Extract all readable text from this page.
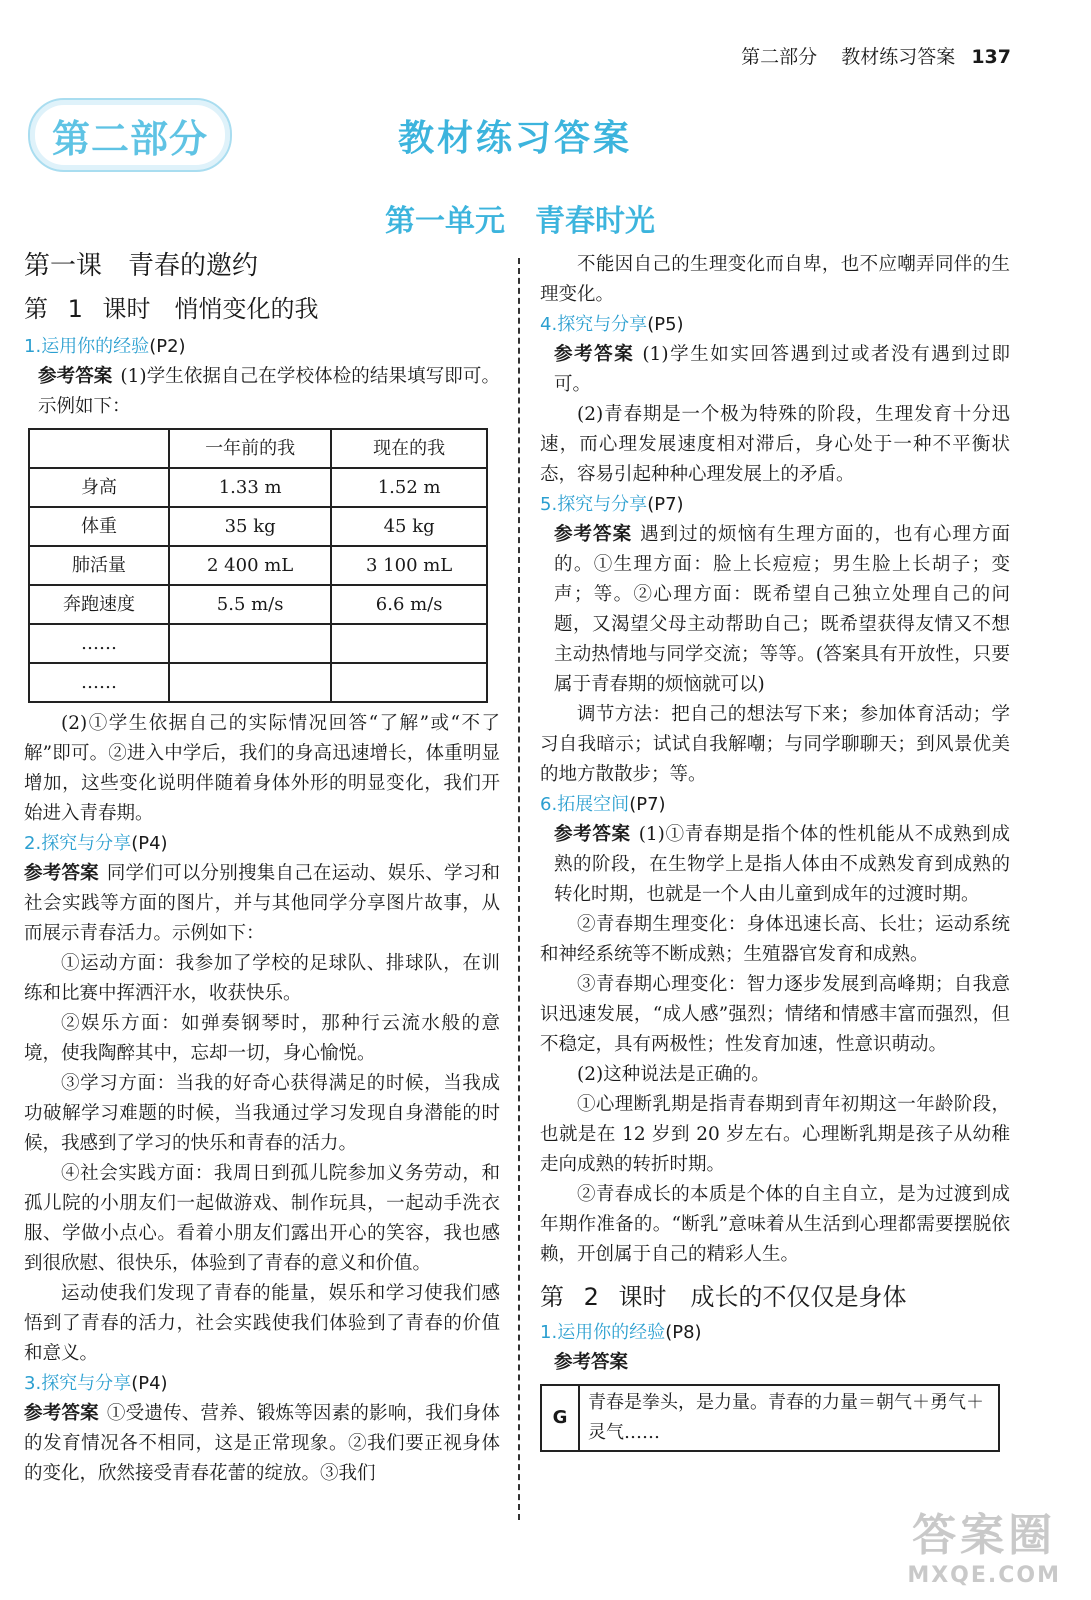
第二部分 教材练习答案 137
第二部分	教材练习答案
第一单元　青春时光

第一课　青春的邀约

第 1 课时　悄悄变化的我

1.运用你的经验(P2)

参考答案 (1)学生依据自己在学校体检的结果填写即可。示例如下：

	一年前的我	现在的我
身高	1.33 m	1.52 m
体重	35 kg	45 kg
肺活量	2 400 mL	3 100 mL
奔跑速度	5.5 m/s	6.6 m/s
……		
……		

(2)①学生依据自己的实际情况回答“了解”或“不了解”即可。②进入中学后，我们的身高迅速增长，体重明显增加，这些变化说明伴随着身体外形的明显变化，我们开始进入青春期。

2.探究与分享(P4)

参考答案 同学们可以分别搜集自己在运动、娱乐、学习和社会实践等方面的图片，并与其他同学分享图片故事，从而展示青春活力。示例如下：

①运动方面：我参加了学校的足球队、排球队，在训练和比赛中挥洒汗水，收获快乐。

②娱乐方面：如弹奏钢琴时，那种行云流水般的意境，使我陶醉其中，忘却一切，身心愉悦。

③学习方面：当我的好奇心获得满足的时候，当我成功破解学习难题的时候，当我通过学习发现自身潜能的时候，我感到了学习的快乐和青春的活力。

④社会实践方面：我周日到孤儿院参加义务劳动，和孤儿院的小朋友们一起做游戏、制作玩具，一起动手洗衣服、学做小点心。看着小朋友们露出开心的笑容，我也感到很欣慰、很快乐，体验到了青春的意义和价值。

运动使我们发现了青春的能量，娱乐和学习使我们感悟到了青春的活力，社会实践使我们体验到了青春的价值和意义。

3.探究与分享(P4)

参考答案 ①受遗传、营养、锻炼等因素的影响，我们身体的发育情况各不相同，这是正常现象。②我们要正视身体的变化，欣然接受青春花蕾的绽放。③我们

不能因自己的生理变化而自卑，也不应嘲弄同伴的生理变化。

4.探究与分享(P5)

参考答案 (1)学生如实回答遇到过或者没有遇到过即可。

(2)青春期是一个极为特殊的阶段，生理发育十分迅速，而心理发展速度相对滞后，身心处于一种不平衡状态，容易引起种种心理发展上的矛盾。

5.探究与分享(P7)

参考答案 遇到过的烦恼有生理方面的，也有心理方面的。①生理方面：脸上长痘痘；男生脸上长胡子；变声；等。②心理方面：既希望自己独立处理自己的问题，又渴望父母主动帮助自己；既希望获得友情又不想主动热情地与同学交流；等等。(答案具有开放性，只要属于青春期的烦恼就可以)

调节方法：把自己的想法写下来；参加体育活动；学习自我暗示；试试自我解嘲；与同学聊聊天；到风景优美的地方散散步；等。

6.拓展空间(P7)

参考答案 (1)①青春期是指个体的性机能从不成熟到成熟的阶段，在生物学上是指人体由不成熟发育到成熟的转化时期，也就是一个人由儿童到成年的过渡时期。

②青春期生理变化：身体迅速长高、长壮；运动系统和神经系统等不断成熟；生殖器官发育和成熟。

③青春期心理变化：智力逐步发展到高峰期；自我意识迅速发展，“成人感”强烈；情绪和情感丰富而强烈，但不稳定，具有两极性；性发育加速，性意识萌动。

(2)这种说法是正确的。

①心理断乳期是指青春期到青年初期这一年龄阶段，也就是在 12 岁到 20 岁左右。心理断乳期是孩子从幼稚走向成熟的转折时期。

②青春成长的本质是个体的自主自立，是为过渡到成年期作准备的。“断乳”意味着从生活到心理都需要摆脱依赖，开创属于自己的精彩人生。

第 2 课时　成长的不仅仅是身体

1.运用你的经验(P8)

参考答案

G	青春是拳头，是力量。青春的力量＝朝气＋勇气＋灵气……
答案圈
MXQE.COM
